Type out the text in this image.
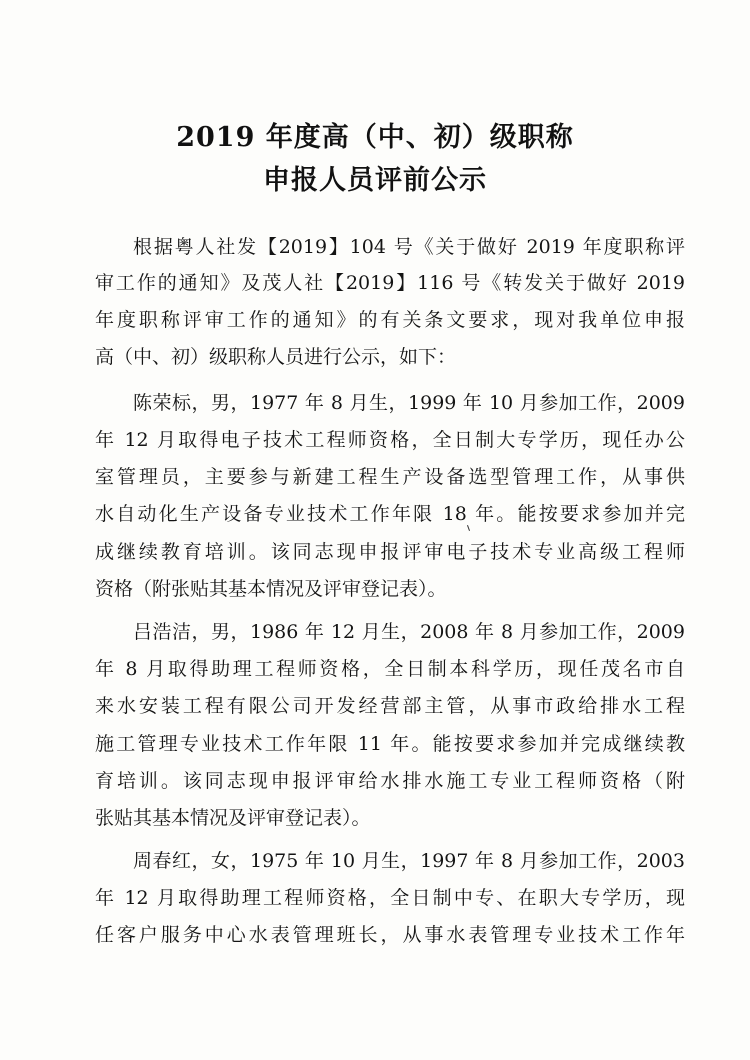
2019 年度高（中、初）级职称
申报人员评前公示
根据粤人社发【2019】104 号《关于做好 2019 年度职称评
审工作的通知》及茂人社【2019】116 号《转发关于做好 2019
年度职称评审工作的通知》的有关条文要求，现对我单位申报
高（中、初）级职称人员进行公示，如下：
陈荣标，男，1977 年 8 月生，1999 年 10 月参加工作，2009
年 12 月取得电子技术工程师资格，全日制大专学历，现任办公
室管理员，主要参与新建工程生产设备选型管理工作，从事供
水自动化生产设备专业技术工作年限 18 年。能按要求参加并完
成继续教育培训。该同志现申报评审电子技术专业高级工程师
资格（附张贴其基本情况及评审登记表）。
吕浩洁，男，1986 年 12 月生，2008 年 8 月参加工作，2009
年 8 月取得助理工程师资格，全日制本科学历，现任茂名市自
来水安装工程有限公司开发经营部主管，从事市政给排水工程
施工管理专业技术工作年限 11 年。能按要求参加并完成继续教
育培训。该同志现申报评审给水排水施工专业工程师资格（附
张贴其基本情况及评审登记表）。
周春红，女，1975 年 10 月生，1997 年 8 月参加工作，2003
年 12 月取得助理工程师资格，全日制中专、在职大专学历，现
任客户服务中心水表管理班长，从事水表管理专业技术工作年
